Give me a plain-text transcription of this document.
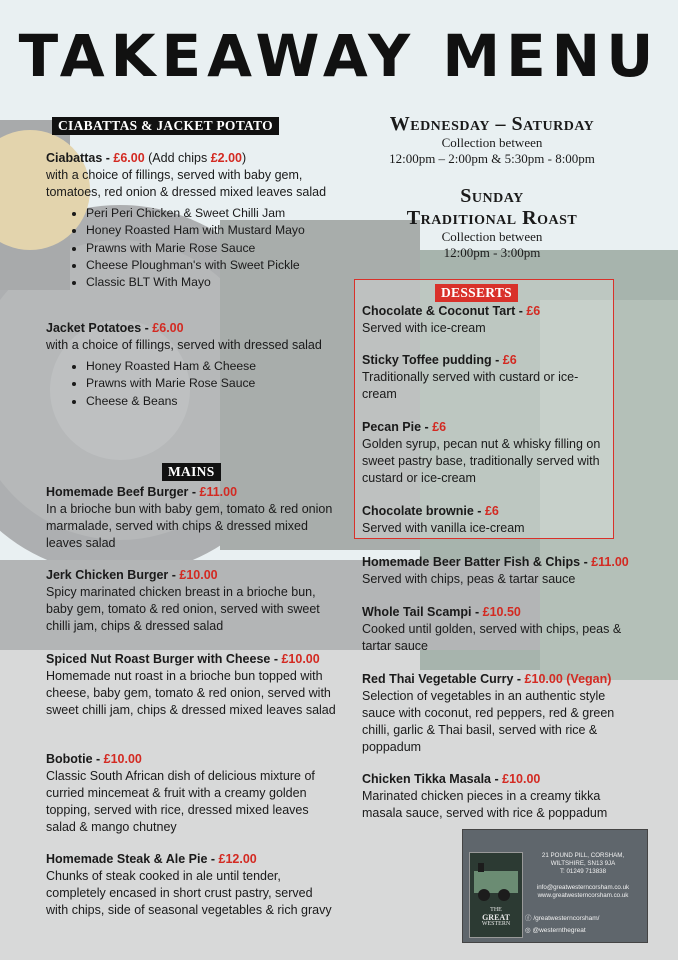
TAKEAWAY MENU
CIABATTAS & JACKET POTATO

Ciabattas - £6.00 (Add chips £2.00)

with a choice of fillings, served with baby gem, tomatoes, red onion & dressed mixed leaves salad

• Peri Peri Chicken & Sweet Chilli Jam
• Honey Roasted Ham with Mustard Mayo
• Prawns with Marie Rose Sauce
• Cheese Ploughman's with Sweet Pickle
• Classic BLT With Mayo

Jacket Potatoes - £6.00

with a choice of fillings, served with dressed salad

• Honey Roasted Ham & Cheese
• Prawns with Marie Rose Sauce
• Cheese & Beans
MAINS

Homemade Beef Burger - £11.00

In a brioche bun with baby gem, tomato & red onion marmalade, served with chips & dressed mixed leaves salad

Jerk Chicken Burger - £10.00

Spicy marinated chicken breast in a brioche bun, baby gem, tomato & red onion, served with sweet chilli jam, chips & dressed salad

Spiced Nut Roast Burger with Cheese - £10.00

Homemade nut roast in a brioche bun topped with cheese, baby gem, tomato & red onion, served with sweet chilli jam, chips & dressed mixed leaves salad

Bobotie - £10.00

Classic South African dish of delicious mixture of curried mincemeat & fruit with a creamy golden topping, served with rice, dressed mixed leaves salad & mango chutney

Homemade Steak & Ale Pie - £12.00

Chunks of steak cooked in ale until tender, completely encased in short crust pastry, served with chips, side of seasonal vegetables & rich gravy

Wednesday – Saturday
Collection between
12:00pm – 2:00pm & 5:30pm - 8:00pm
Sunday
Traditional Roast
Collection between
12:00pm - 3:00pm
DESSERTS

Chocolate & Coconut Tart - £6

Served with ice-cream

Sticky Toffee pudding - £6

Traditionally served with custard or ice-cream

Pecan Pie - £6

Golden syrup, pecan nut & whisky filling on sweet pastry base, traditionally served with custard or ice-cream

Chocolate brownie - £6

Served with vanilla ice-cream

Homemade Beer Batter Fish & Chips - £11.00

Served with chips, peas & tartar sauce

Whole Tail Scampi - £10.50

Cooked until golden, served with chips, peas & tartar sauce

Red Thai Vegetable Curry - £10.00 (Vegan)

Selection of vegetables in an authentic style sauce with coconut, red peppers, red & green chilli, garlic & Thai basil, served with rice & poppadum

Chicken Tikka Masala - £10.00

Marinated chicken pieces in a creamy tikka masala sauce, served with rice & poppadum

THE
GREAT
WESTERN
21 POUND PILL, CORSHAM,
WILTSHIRE, SN13 9JA
T: 01249 713838
info@greatwesterncorsham.co.uk
www.greatwesterncorsham.co.uk
ⓕ /greatwesterncorsham/
◎ @westernthegreat
